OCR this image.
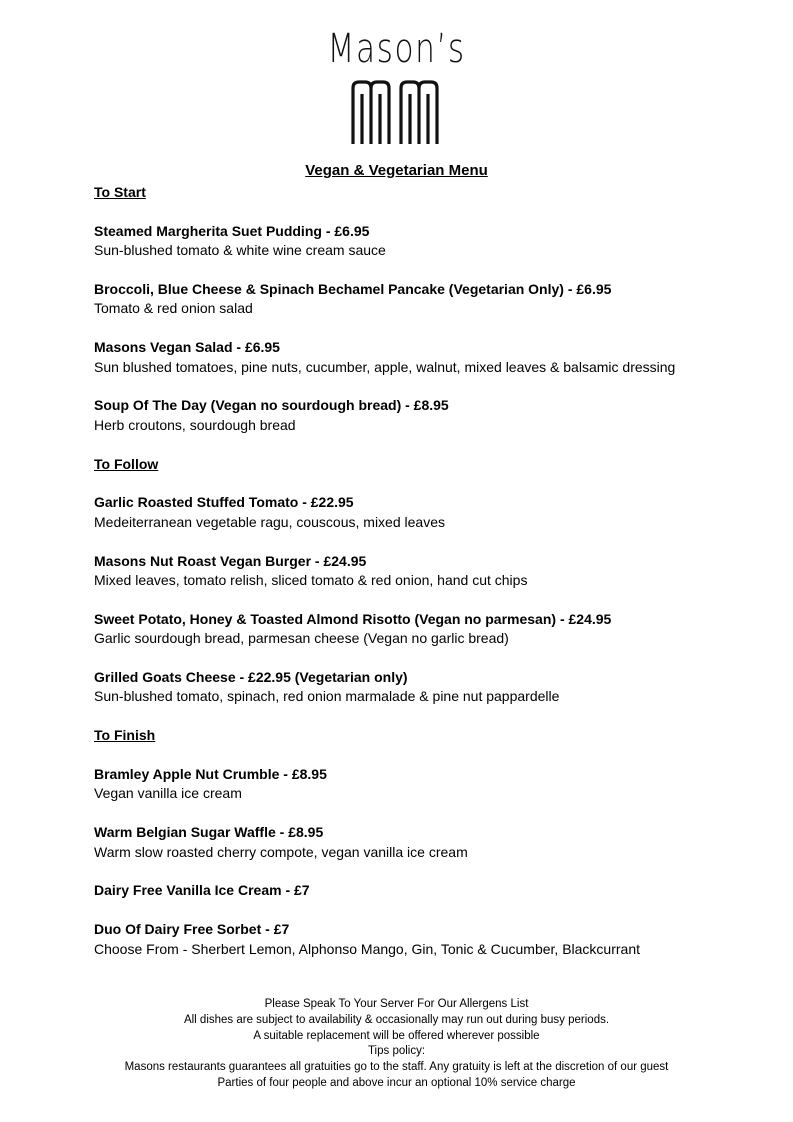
Mason’s
Vegan & Vegetarian Menu
To Start
Steamed Margherita Suet Pudding - £6.95
Sun-blushed tomato & white wine cream sauce
Broccoli, Blue Cheese & Spinach Bechamel Pancake (Vegetarian Only) - £6.95
Tomato & red onion salad
Masons Vegan Salad - £6.95
Sun blushed tomatoes, pine nuts, cucumber, apple, walnut, mixed leaves & balsamic dressing
Soup Of The Day (Vegan no sourdough bread) - £8.95
Herb croutons, sourdough bread
To Follow
Garlic Roasted Stuffed Tomato - £22.95
Medeiterranean vegetable ragu, couscous, mixed leaves
Masons Nut Roast Vegan Burger - £24.95
Mixed leaves, tomato relish, sliced tomato & red onion, hand cut chips
Sweet Potato, Honey & Toasted Almond Risotto (Vegan no parmesan) - £24.95
Garlic sourdough bread, parmesan cheese (Vegan no garlic bread)
Grilled Goats Cheese - £22.95 (Vegetarian only)
Sun-blushed tomato, spinach, red onion marmalade & pine nut pappardelle
To Finish
Bramley Apple Nut Crumble - £8.95
Vegan vanilla ice cream
Warm Belgian Sugar Waffle - £8.95
Warm slow roasted cherry compote, vegan vanilla ice cream
Dairy Free Vanilla Ice Cream - £7
Duo Of Dairy Free Sorbet - £7
Choose From - Sherbert Lemon, Alphonso Mango, Gin, Tonic & Cucumber, Blackcurrant
Please Speak To Your Server For Our Allergens List
All dishes are subject to availability & occasionally may run out during busy periods.
A suitable replacement will be offered wherever possible
Tips policy:
Masons restaurants guarantees all gratuities go to the staff. Any gratuity is left at the discretion of our guest
Parties of four people and above incur an optional 10% service charge
